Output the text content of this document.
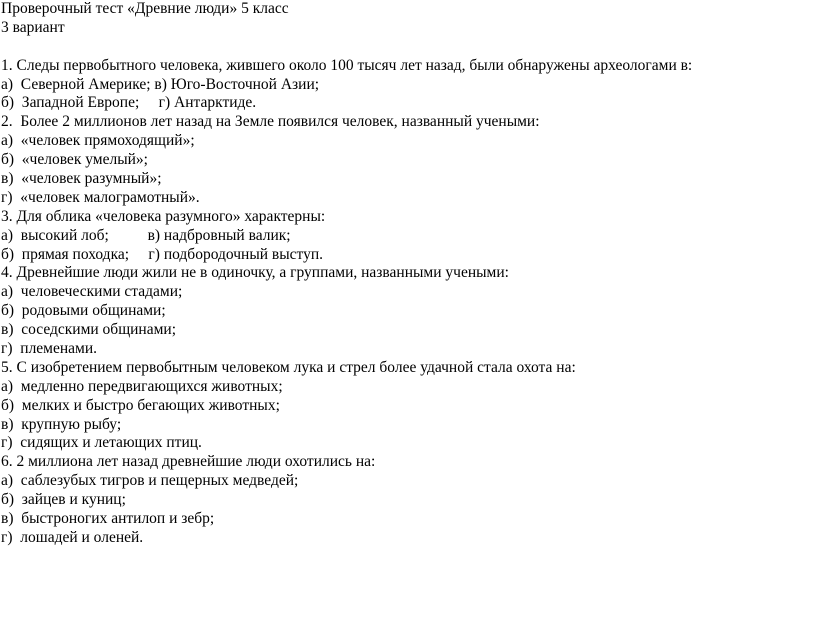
Проверочный тест «Древние люди» 5 класс
3 вариант
1. Следы первобытного человека, жившего около 100 тысяч лет назад, были обнаружены археологами в:
а)  Северной Америке; в) Юго-Восточной Азии;
б)  Западной Европе;     г) Антарктиде.
2.  Более 2 миллионов лет назад на Земле появился человек, названный учеными:
а)  «человек прямоходящий»;
б)  «человек умелый»;
в)  «человек разумный»;
г)  «человек малограмотный».
3. Для облика «человека разумного» характерны:
а)  высокий лоб;          в) надбровный валик;
б)  прямая походка;     г) подбородочный выступ.
4. Древнейшие люди жили не в одиночку, а группами, названными учеными:
а)  человеческими стадами;
б)  родовыми общинами;
в)  соседскими общинами;
г)  племенами.
5. С изобретением первобытным человеком лука и стрел более удачной стала охота на:
а)  медленно передвигающихся животных;
б)  мелких и быстро бегающих животных;
в)  крупную рыбу;
г)  сидящих и летающих птиц.
6. 2 миллиона лет назад древнейшие люди охотились на:
а)  саблезубых тигров и пещерных медведей;
б)  зайцев и куниц;
в)  быстроногих антилоп и зебр;
г)  лошадей и оленей.
